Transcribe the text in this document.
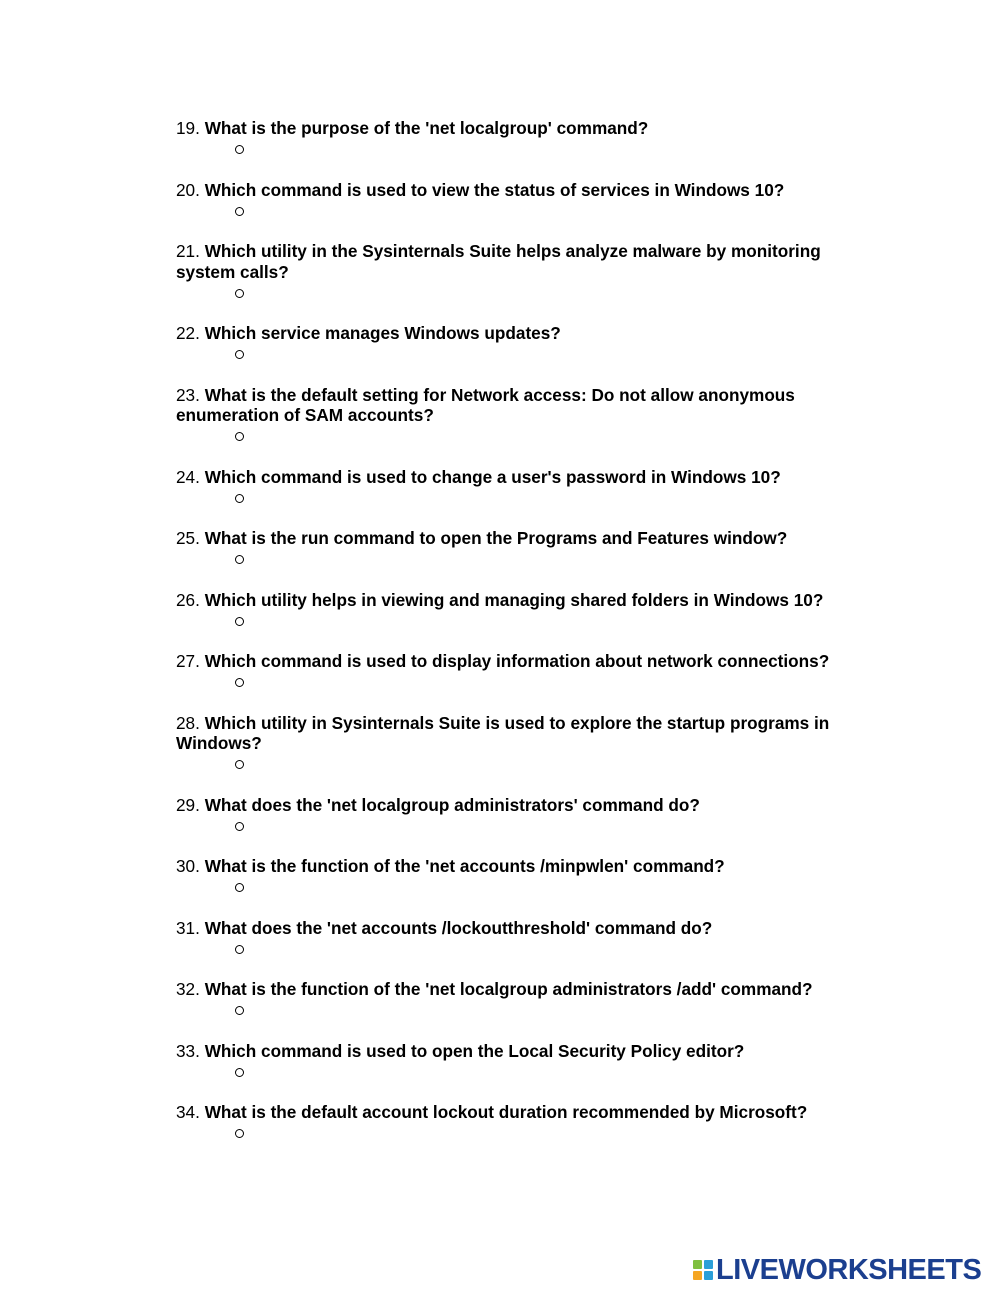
19. What is the purpose of the 'net localgroup' command?

20. Which command is used to view the status of services in Windows 10?

21. Which utility in the Sysinternals Suite helps analyze malware by monitoring system calls?

22. Which service manages Windows updates?

23. What is the default setting for Network access: Do not allow anonymous enumeration of SAM accounts?

24. Which command is used to change a user's password in Windows 10?

25. What is the run command to open the Programs and Features window?

26. Which utility helps in viewing and managing shared folders in Windows 10?

27. Which command is used to display information about network connections?

28. Which utility in Sysinternals Suite is used to explore the startup programs in Windows?

29. What does the 'net localgroup administrators' command do?

30. What is the function of the 'net accounts /minpwlen' command?

31. What does the 'net accounts /lockoutthreshold' command do?

32. What is the function of the 'net localgroup administrators /add' command?

33. Which command is used to open the Local Security Policy editor?

34. What is the default account lockout duration recommended by Microsoft?

LIVEWORKSHEETS
